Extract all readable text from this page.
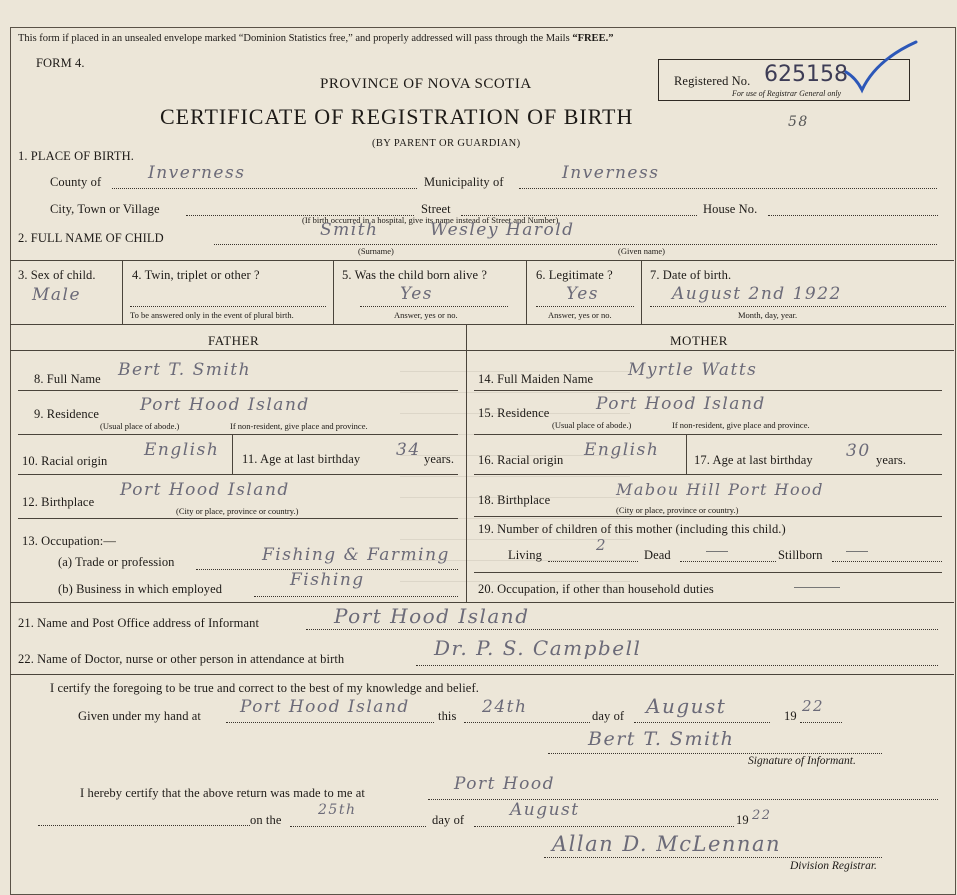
This form if placed in an unsealed envelope marked “Dominion Statistics free,” and properly addressed will pass through the Mails “FREE.”
FORM 4.
PROVINCE OF NOVA SCOTIA
CERTIFICATE OF REGISTRATION OF BIRTH
(BY PARENT OR GUARDIAN)
Registered No. 625158
For use of Registrar General only
58
1. PLACE OF BIRTH.
County of	Inverness	Municipality of	Inverness
City, Town or Village	Street	House No.
(If birth occurred in a hospital, give its name instead of Street and Number)
2. FULL NAME OF CHILD	Smith	Wesley Harold
(Surname)	(Given name)
3. Sex of child.
Male
4. Twin, triplet or other ?
To be answered only in the event of plural birth.
5. Was the child born alive ?
Yes
Answer, yes or no.
6. Legitimate ?
Yes
Answer, yes or no.
7. Date of birth.
August 2nd 1922
Month, day, year.
FATHER	MOTHER
8. Full Name Bert T. Smith
9. Residence Port Hood Island
(Usual place of abode.)	If non-resident, give place and province.
10. Racial origin
English 11. Age at last birthday 34 years.
12. Birthplace
Port Hood Island
(City or place, province or country.)
13. Occupation:—
(a) Trade or profession	Fishing & Farming
(b) Business in which employed	Fishing
14. Full Maiden Name Myrtle Watts
15. Residence	Port Hood Island
(Usual place of abode.)	If non-resident, give place and province.
16. Racial origin English	17. Age at last birthday 30 years.
18. Birthplace
Mabou Hill Port Hood
(City or place, province or country.)
19. Number of children of this mother (including this child.)
Living
2
Dead	Stillborn
20. Occupation, if other than household duties
21. Name and Post Office address of Informant	Port Hood Island
22. Name of Doctor, nurse or other person in attendance at birth	Dr. P. S. Campbell
I certify the foregoing to be true and correct to the best of my knowledge and belief.
Given under my hand at Port Hood Island this 24th	day of August	19
22
Bert T. Smith
Signature of Informant.
I hereby certify that the above return was made to me at	Port Hood
on the
25th
day of	August	19 22
Allan D. McLennan
Division Registrar.
